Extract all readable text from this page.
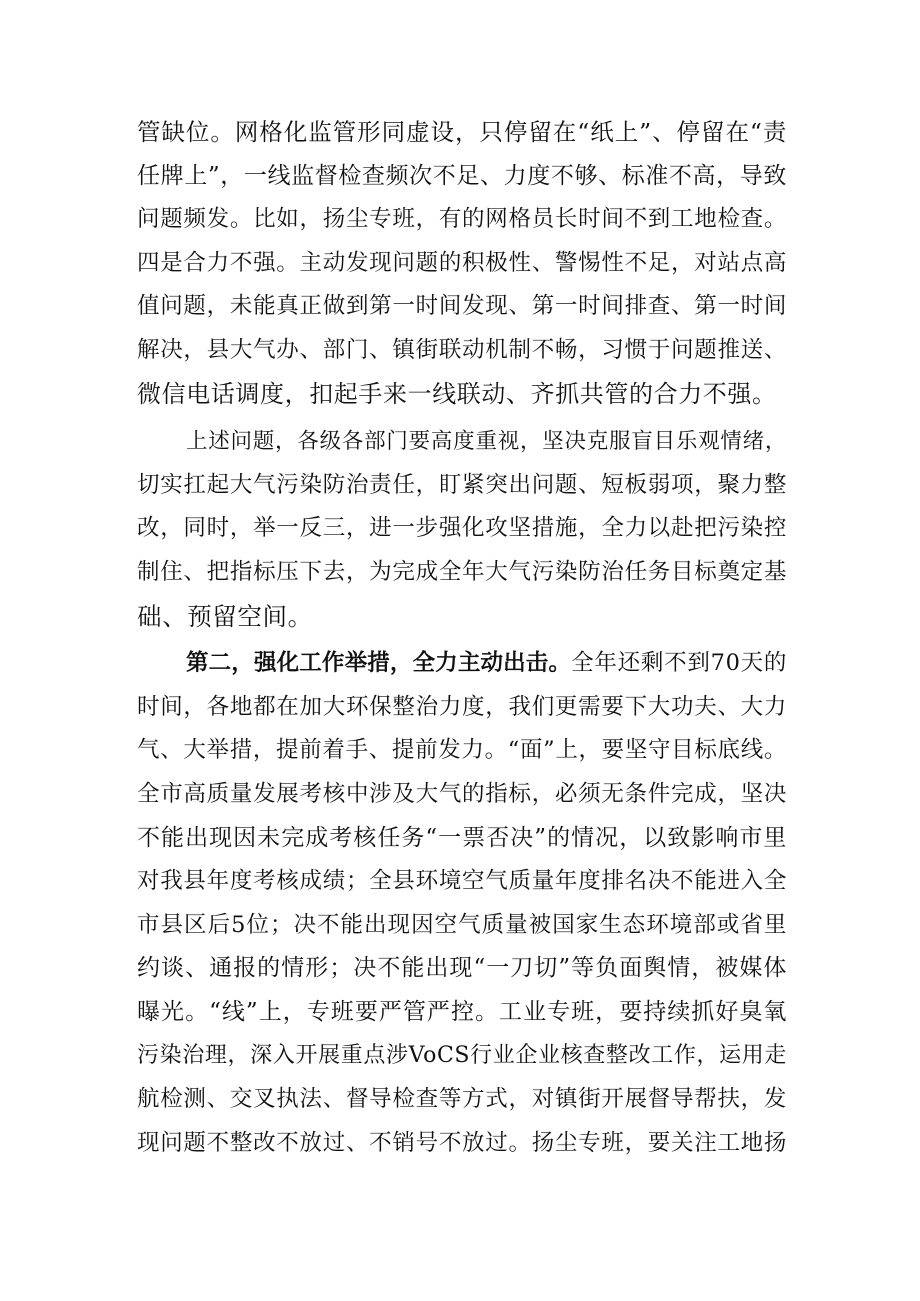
管缺位。网格化监管形同虚设，只停留在“纸上”、停留在“责
任牌上”，一线监督检查频次不足、力度不够、标准不高，导致
问题频发。比如，扬尘专班，有的网格员长时间不到工地检查。
四是合力不强。主动发现问题的积极性、警惕性不足，对站点高
值问题，未能真正做到第一时间发现、第一时间排查、第一时间
解决，县大气办、部门、镇街联动机制不畅，习惯于问题推送、
微信电话调度，扣起手来一线联动、齐抓共管的合力不强。
上述问题，各级各部门要高度重视，坚决克服盲目乐观情绪，
切实扛起大气污染防治责任，盯紧突出问题、短板弱项，聚力整
改，同时，举一反三，进一步强化攻坚措施，全力以赴把污染控
制住、把指标压下去，为完成全年大气污染防治任务目标奠定基
础、预留空间。
第二，强化工作举措，全力主动出击。全年还剩不到70天的
时间，各地都在加大环保整治力度，我们更需要下大功夫、大力
气、大举措，提前着手、提前发力。“面”上，要坚守目标底线。
全市高质量发展考核中涉及大气的指标，必须无条件完成，坚决
不能出现因未完成考核任务“一票否决”的情况，以致影响市里
对我县年度考核成绩；全县环境空气质量年度排名决不能进入全
市县区后5位；决不能出现因空气质量被国家生态环境部或省里
约谈、通报的情形；决不能出现“一刀切”等负面舆情，被媒体
曝光。“线”上，专班要严管严控。工业专班，要持续抓好臭氧
污染治理，深入开展重点涉VoCS行业企业核查整改工作，运用走
航检测、交叉执法、督导检查等方式，对镇街开展督导帮扶，发
现问题不整改不放过、不销号不放过。扬尘专班，要关注工地扬
